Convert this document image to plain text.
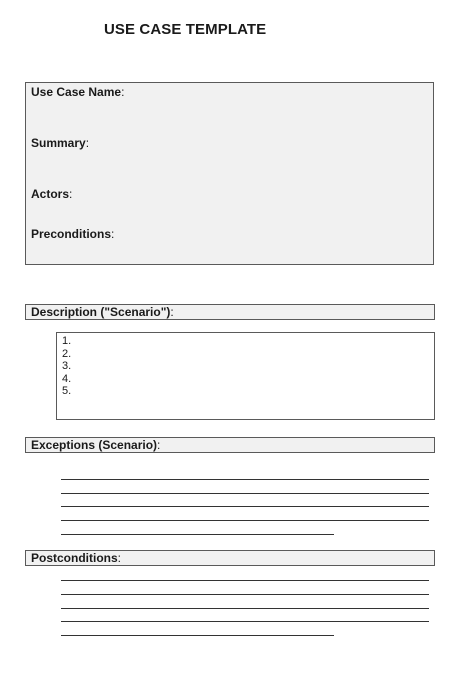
USE CASE TEMPLATE
Use Case Name:
Summary:
Actors:
Preconditions:
Description ("Scenario"):
1.
2.
3.
4.
5.
Exceptions (Scenario):
Postconditions:
